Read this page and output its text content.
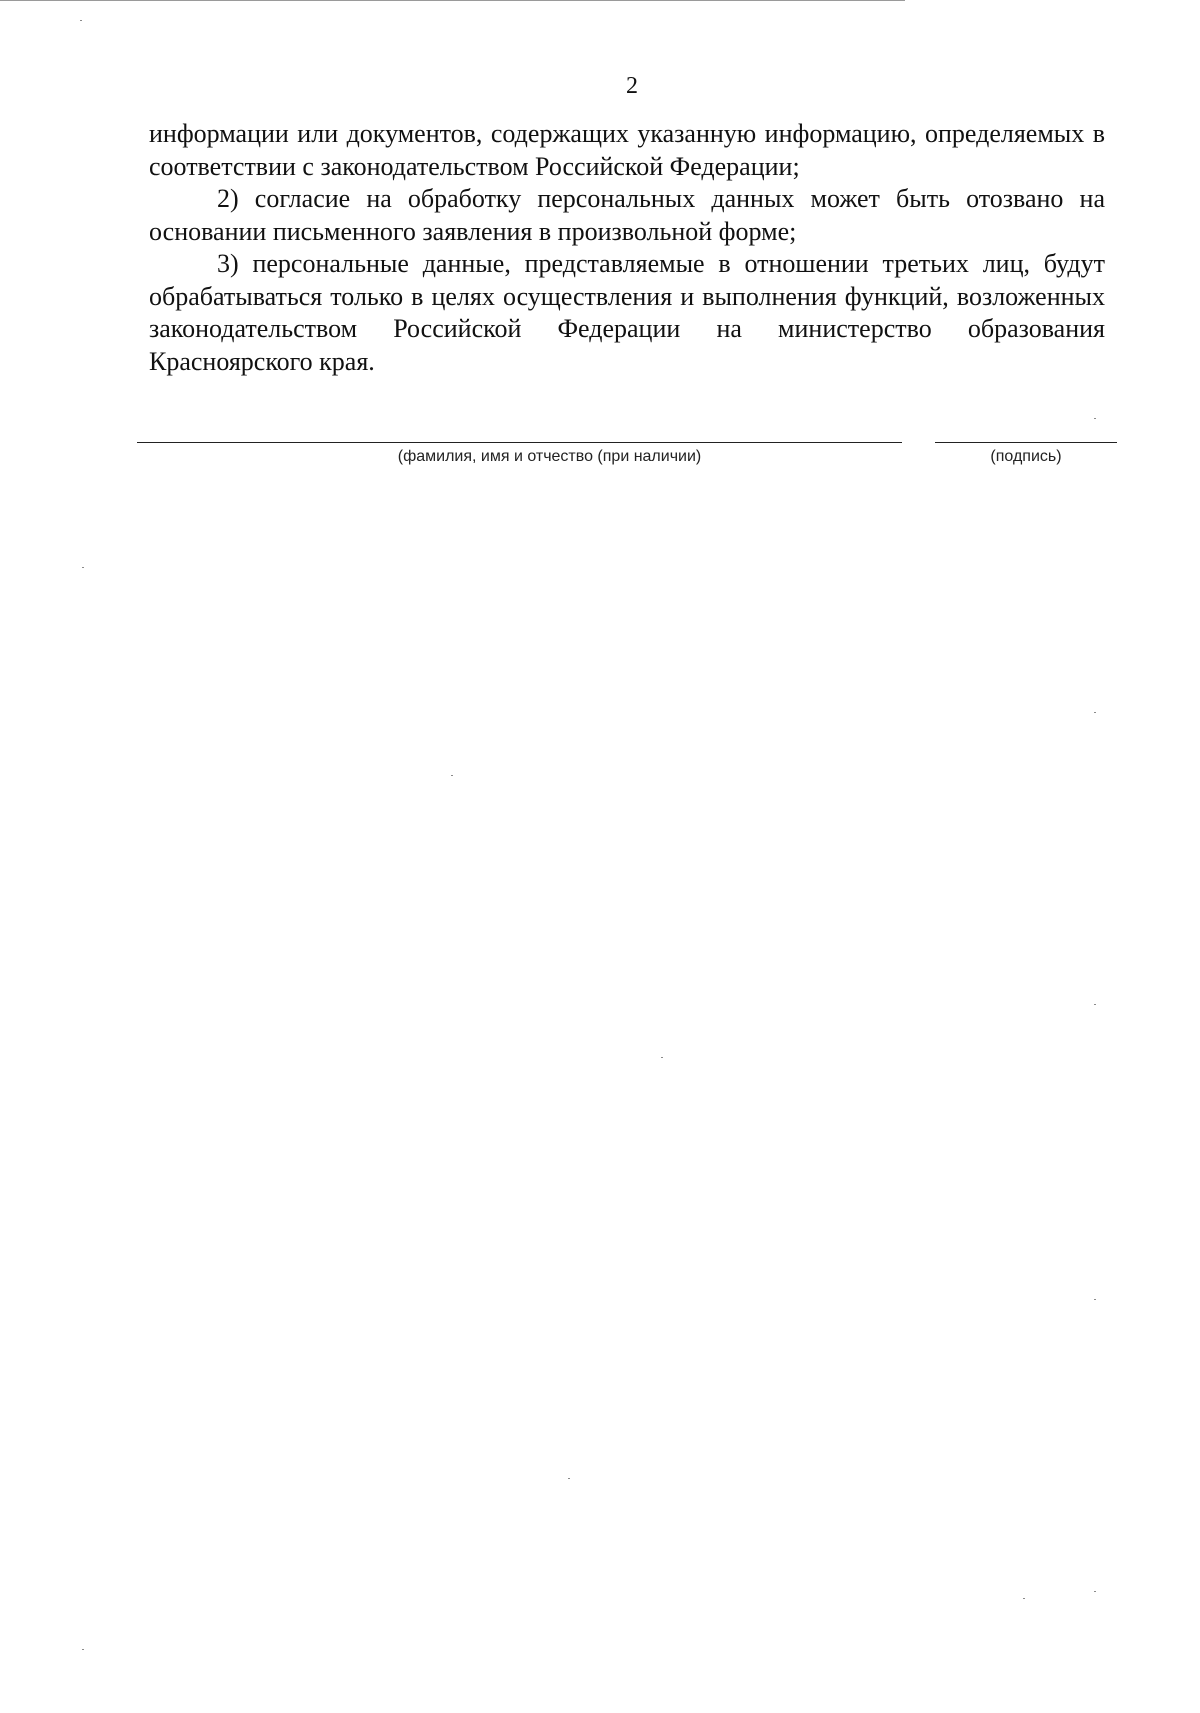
2

информации или документов, содержащих указанную информацию, определяемых в соответствии с законодательством Российской Федерации;

2) согласие на обработку персональных данных может быть отозвано на основании письменного заявления в произвольной форме;

3) персональные данные, представляемые в отношении третьих лиц, будут обрабатываться только в целях осуществления и выполнения функций, возложенных законодательством Российской Федерации на министерство образования Красноярского края.

(фамилия, имя и отчество (при наличии)	(подпись)
